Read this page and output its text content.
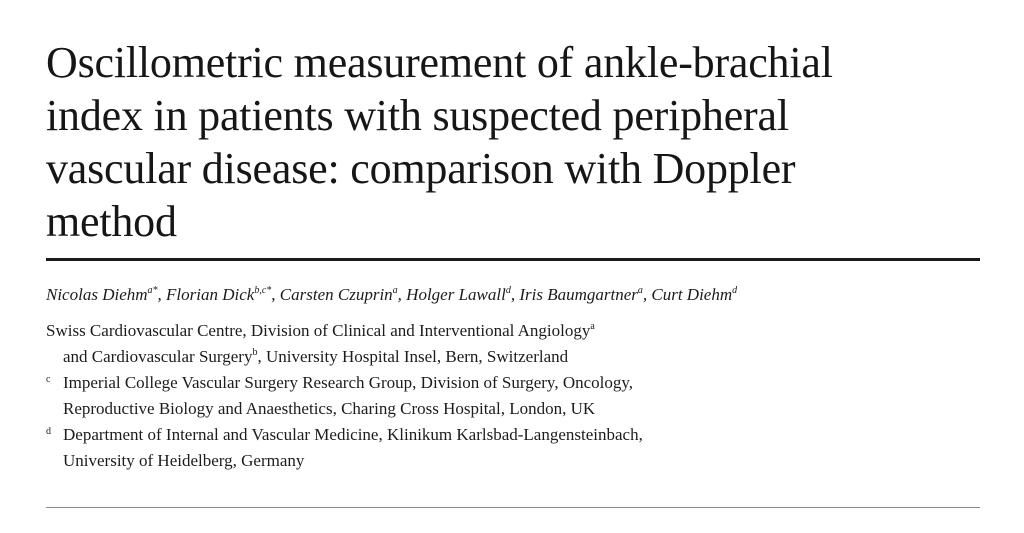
Oscillometric measurement of ankle-brachial
index in patients with suspected peripheral
vascular disease: comparison with Doppler
method
Nicolas Diehm$^{a*}$, Florian Dick$^{b,c*}$, Carsten Czuprin$^a$, Holger Lawall$^d$, Iris Baumgartner$^a$, Curt Diehm$^d$
Swiss Cardiovascular Centre, Division of Clinical and Interventional Angiology$^a$
and Cardiovascular Surgery$^b$, University Hospital Insel, Bern, Switzerland
c Imperial College Vascular Surgery Research Group, Division of Surgery, Oncology,
Reproductive Biology and Anaesthetics, Charing Cross Hospital, London, UK
d Department of Internal and Vascular Medicine, Klinikum Karlsbad-Langensteinbach,
University of Heidelberg, Germany
